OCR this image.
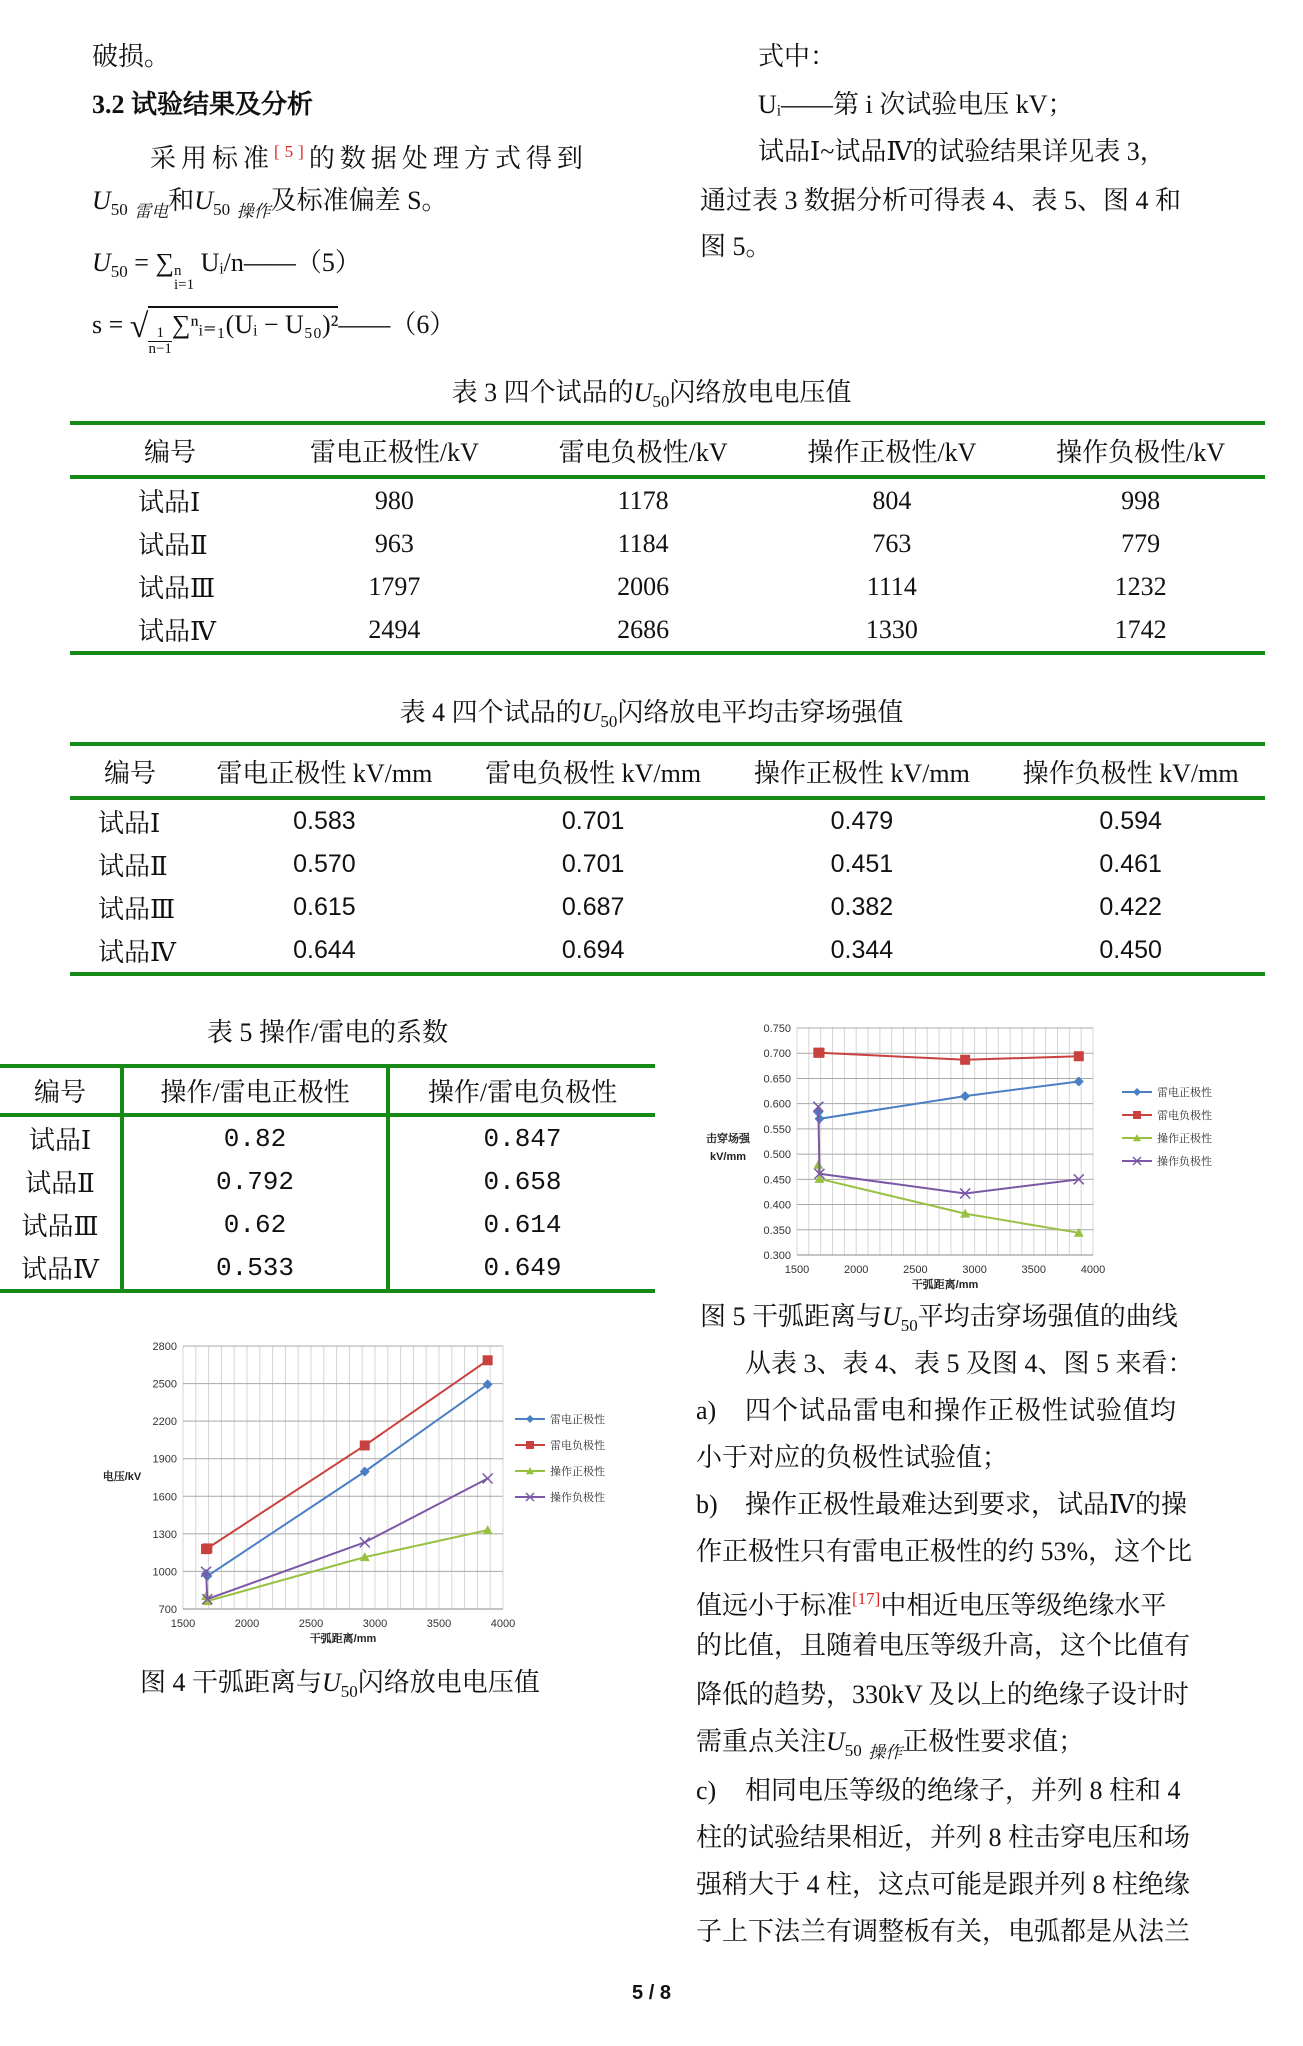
破损。
3.2 试验结果及分析
采用标准[5]的数据处理方式得到
$U_{50}$ $_{雷电}$和$U_{50}$ $_{操作}$及标准偏差 S。
$U_{50}$ = ∑ n
i=1
Uᵢ/n——（5）
s = √ $\frac{1}{n-1}$
∑ⁿᵢ₌₁(Uᵢ − U₅₀)²——（6）
式中：
Uᵢ——第 i 次试验电压 kV；
试品Ⅰ~试品Ⅳ的试验结果详见表 3，
通过表 3 数据分析可得表 4、表 5、图 4 和
图 5。
表 3 四个试品的$U_{50}$闪络放电电压值
编号	雷电正极性/kV	雷电负极性/kV	操作正极性/kV	操作负极性/kV
试品Ⅰ	980	1178	804	998
试品Ⅱ	963	1184	763	779
试品Ⅲ	1797	2006	1114	1232
试品Ⅳ	2494	2686	1330	1742
表 4 四个试品的$U_{50}$闪络放电平均击穿场强值
编号	雷电正极性 kV/mm	雷电负极性 kV/mm	操作正极性 kV/mm	操作负极性 kV/mm
试品Ⅰ	0.583	0.701	0.479	0.594
试品Ⅱ	0.570	0.701	0.451	0.461
试品Ⅲ	0.615	0.687	0.382	0.422
试品Ⅳ	0.644	0.694	0.344	0.450
表 5 操作/雷电的系数
编号	操作/雷电正极性	操作/雷电负极性
试品Ⅰ	0.82	0.847
试品Ⅱ	0.792	0.658
试品Ⅲ	0.62	0.614
试品Ⅳ	0.533	0.649
700
1000
1300
1600
1900
2200
2500
2800
1500	2000	2500	3000	3500	4000
干弧距离/mm
电压/kV
雷电正极性
雷电负极性
操作正极性
操作负极性
图 4 干弧距离与$U_{50}$闪络放电电压值
0.300
0.350
0.400
0.450
0.500
0.550
0.600
0.650
0.700
0.750
1500	2000	2500	3000	3500	4000
干弧距离/mm
击穿场强
kV/mm
雷电正极性
雷电负极性
操作正极性
操作负极性
图 5 干弧距离与$U_{50}$平均击穿场强值的曲线
从表 3、表 4、表 5 及图 4、图 5 来看：
a) 四个试品雷电和操作正极性试验值均
小于对应的负极性试验值；
b) 操作正极性最难达到要求，试品Ⅳ的操
作正极性只有雷电正极性的约 53%，这个比
值远小于标准[17]中相近电压等级绝缘水平
的比值，且随着电压等级升高，这个比值有
降低的趋势，330kV 及以上的绝缘子设计时
需重点关注$U_{50}$ $_{操作}$正极性要求值；
c) 相同电压等级的绝缘子，并列 8 柱和 4
柱的试验结果相近，并列 8 柱击穿电压和场
强稍大于 4 柱，这点可能是跟并列 8 柱绝缘
子上下法兰有调整板有关，电弧都是从法兰
5 / 8
